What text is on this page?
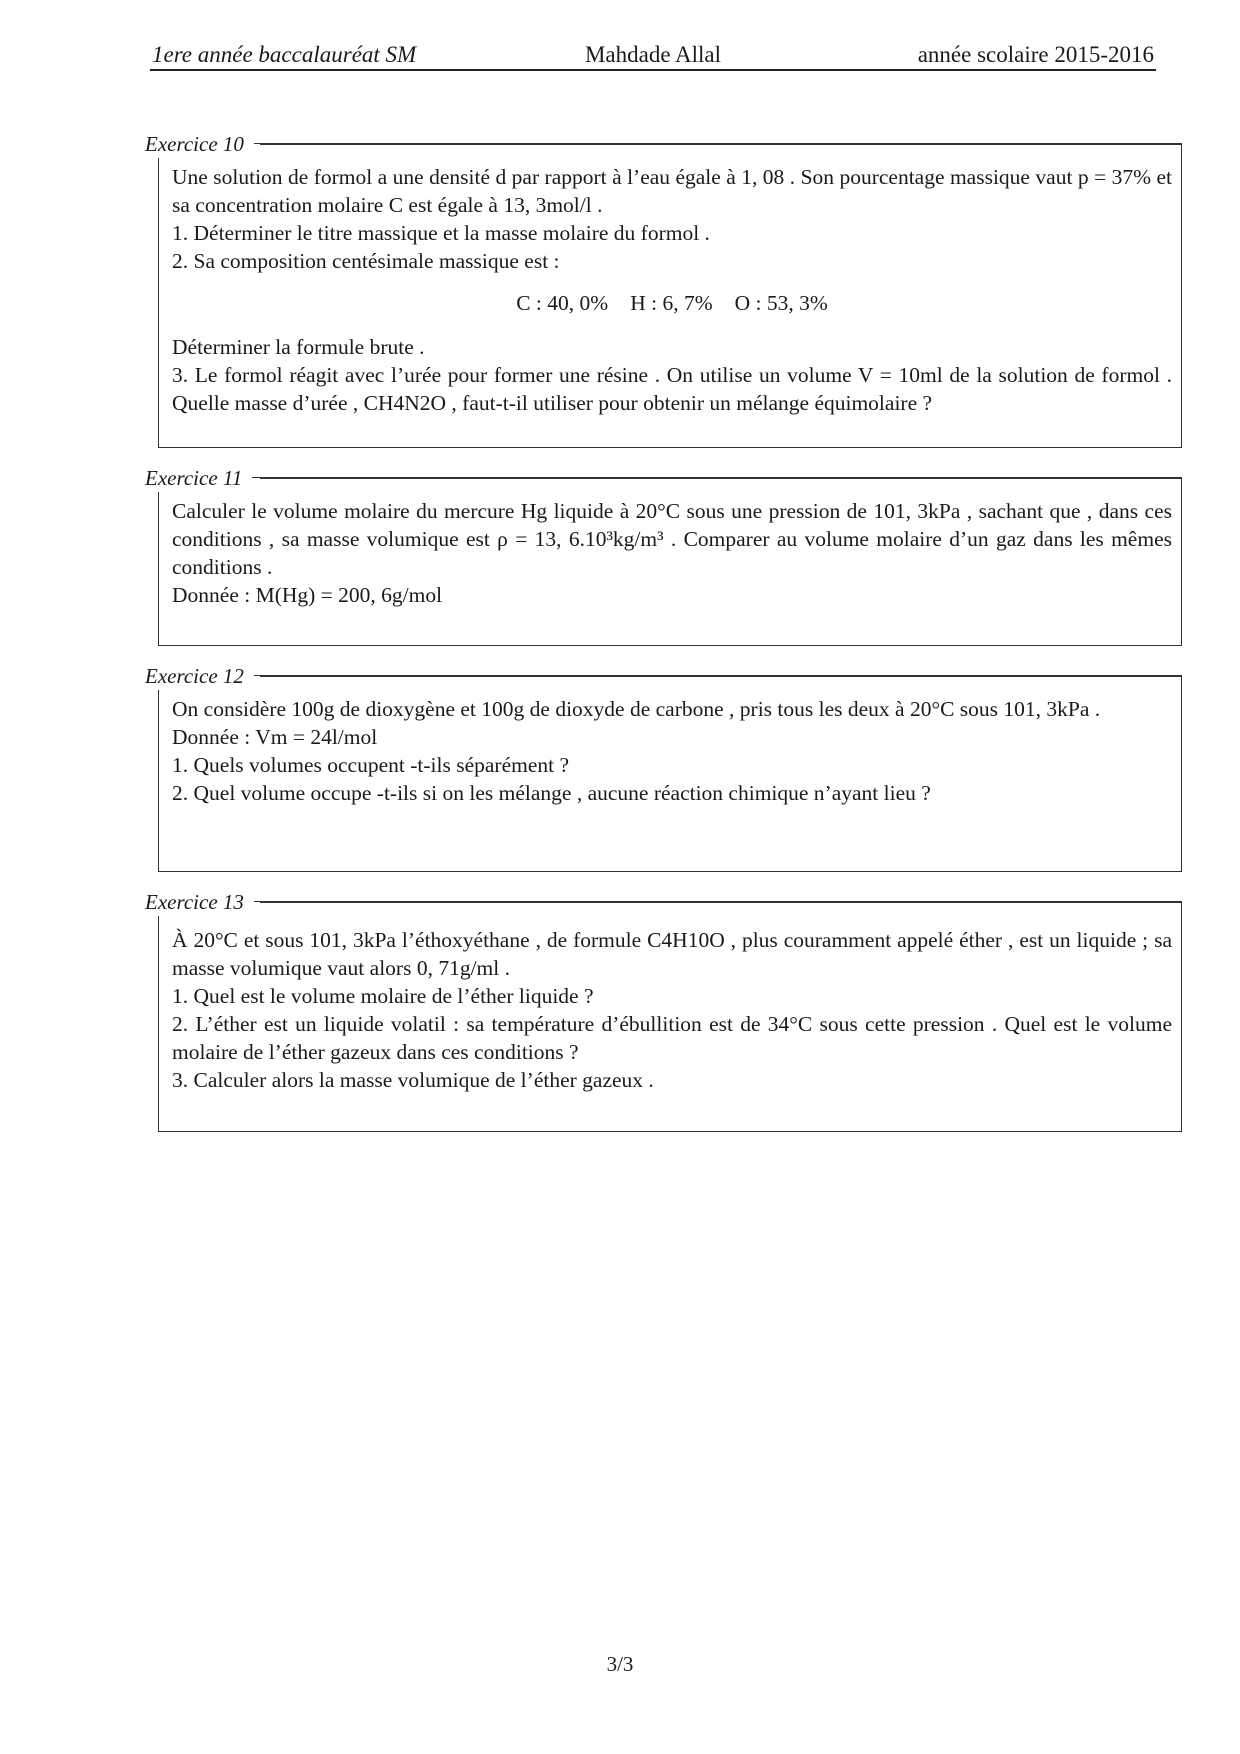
1ere année baccalauréat SM	Mahdade Allal	année scolaire 2015-2016
Exercice 10

Une solution de formol a une densité d par rapport à l’eau égale à 1, 08 . Son pourcentage massique vaut p = 37% et sa concentration molaire C est égale à 13, 3mol/l .

1. Déterminer le titre massique et la masse molaire du formol .

2. Sa composition centésimale massique est :

C : 40, 0% H : 6, 7% O : 53, 3%

Déterminer la formule brute .

3. Le formol réagit avec l’urée pour former une résine . On utilise un volume V = 10ml de la solution de formol . Quelle masse d’urée , CH4N2O , faut-t-il utiliser pour obtenir un mélange équimolaire ?

Exercice 11

Calculer le volume molaire du mercure Hg liquide à 20°C sous une pression de 101, 3kPa , sachant que , dans ces conditions , sa masse volumique est ρ = 13, 6.10³kg/m³ . Comparer au volume molaire d’un gaz dans les mêmes conditions .

Donnée : M(Hg) = 200, 6g/mol

Exercice 12

On considère 100g de dioxygène et 100g de dioxyde de carbone , pris tous les deux à 20°C sous 101, 3kPa .

Donnée : Vm = 24l/mol

1. Quels volumes occupent -t-ils séparément ?

2. Quel volume occupe -t-ils si on les mélange , aucune réaction chimique n’ayant lieu ?

Exercice 13

À 20°C et sous 101, 3kPa l’éthoxyéthane , de formule C4H10O , plus couramment appelé éther , est un liquide ; sa masse volumique vaut alors 0, 71g/ml .

1. Quel est le volume molaire de l’éther liquide ?

2. L’éther est un liquide volatil : sa température d’ébullition est de 34°C sous cette pression . Quel est le volume molaire de l’éther gazeux dans ces conditions ?

3. Calculer alors la masse volumique de l’éther gazeux .

3/3
